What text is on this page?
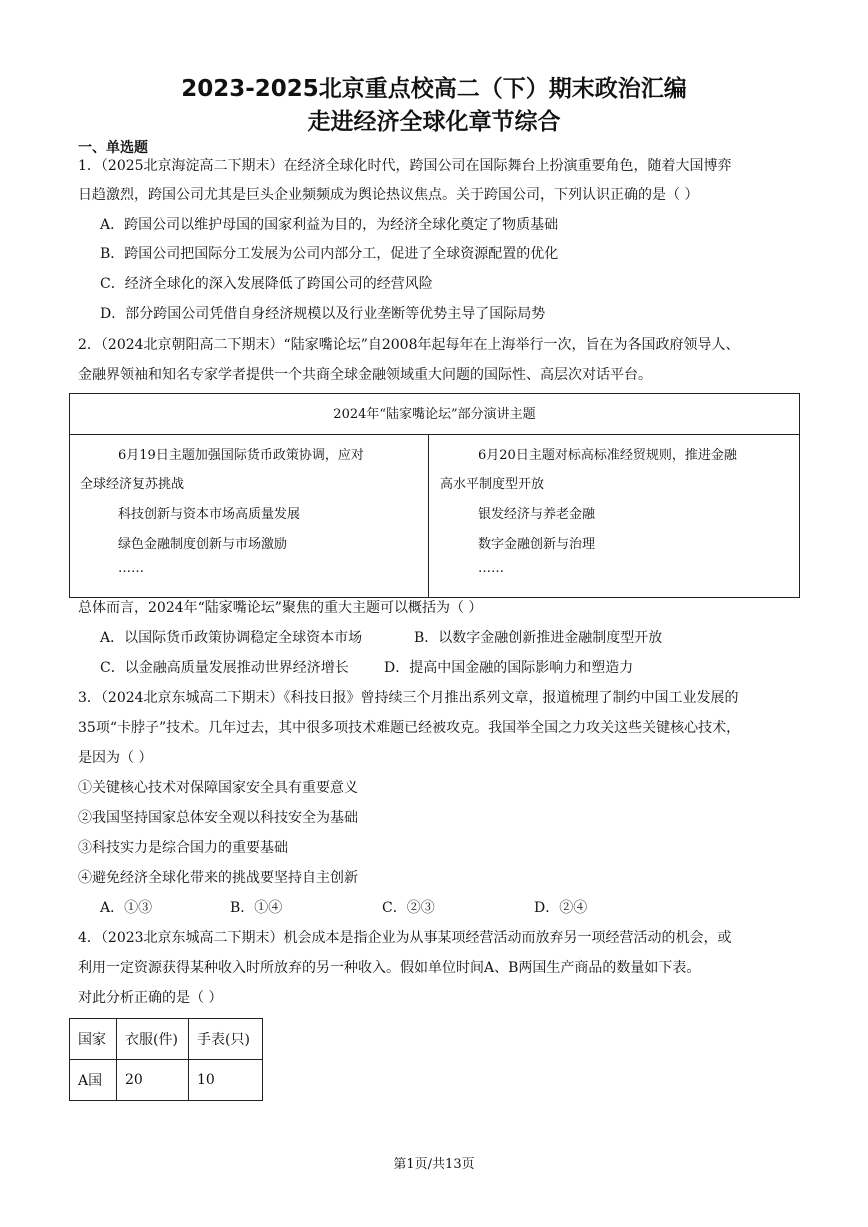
2023-2025北京重点校高二（下）期末政治汇编
走进经济全球化章节综合
一、单选题
1．（2025北京海淀高二下期末）在经济全球化时代，跨国公司在国际舞台上扮演重要角色，随着大国博弈
日趋激烈，跨国公司尤其是巨头企业频频成为舆论热议焦点。关于跨国公司，下列认识正确的是（ ）
A．跨国公司以维护母国的国家利益为目的，为经济全球化奠定了物质基础
B．跨国公司把国际分工发展为公司内部分工，促进了全球资源配置的优化
C．经济全球化的深入发展降低了跨国公司的经营风险
D．部分跨国公司凭借自身经济规模以及行业垄断等优势主导了国际局势
2．（2024北京朝阳高二下期末）“陆家嘴论坛”自2008年起每年在上海举行一次，旨在为各国政府领导人、
金融界领袖和知名专家学者提供一个共商全球金融领域重大问题的国际性、高层次对话平台。
2024年“陆家嘴论坛”部分演讲主题
6月19日主题加强国际货币政策协调，应对
全球经济复苏挑战
科技创新与资本市场高质量发展
绿色金融制度创新与市场激励
……
6月20日主题对标高标准经贸规则，推进金融
高水平制度型开放
银发经济与养老金融
数字金融创新与治理
……
总体而言，2024年“陆家嘴论坛”聚焦的重大主题可以概括为（ ）
A．以国际货币政策协调稳定全球资本市场	B．以数字金融创新推进金融制度型开放
C．以金融高质量发展推动世界经济增长	D．提高中国金融的国际影响力和塑造力
3．（2024北京东城高二下期末）《科技日报》曾持续三个月推出系列文章，报道梳理了制约中国工业发展的
35项“卡脖子”技术。几年过去，其中很多项技术难题已经被攻克。我国举全国之力攻关这些关键核心技术，
是因为（ ）
①关键核心技术对保障国家安全具有重要意义
②我国坚持国家总体安全观以科技安全为基础
③科技实力是综合国力的重要基础
④避免经济全球化带来的挑战要坚持自主创新
A．①③	B．①④	C．②③	D．②④
4．（2023北京东城高二下期末）机会成本是指企业为从事某项经营活动而放弃另一项经营活动的机会，或
利用一定资源获得某种收入时所放弃的另一种收入。假如单位时间A、B两国生产商品的数量如下表。
对此分析正确的是（ ）
国家	衣服(件)	手表(只)
A国	20	10
第1页/共13页
